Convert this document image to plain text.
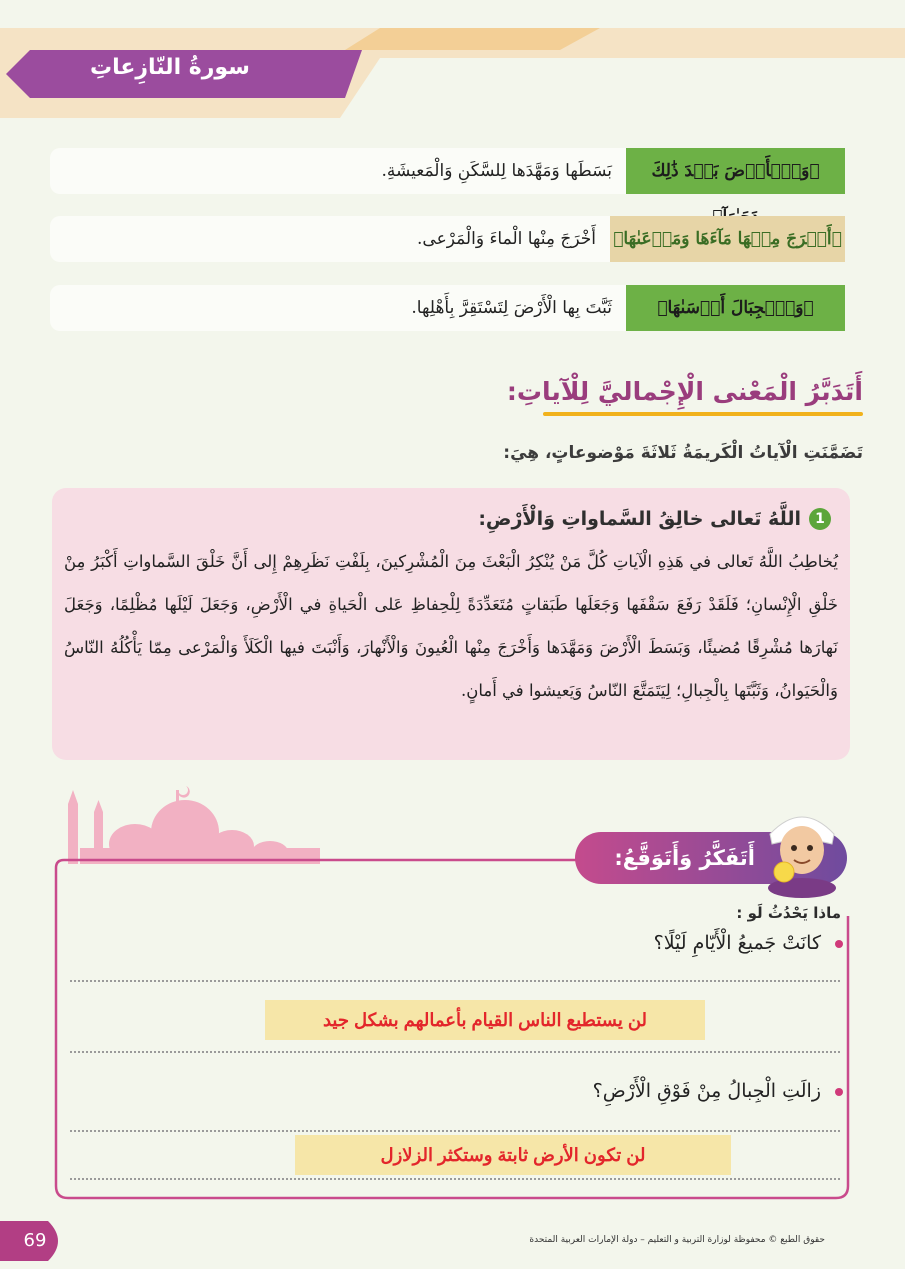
سورةُ النّازِعاتِ
بَسَطَها وَمَهَّدَها لِلسَّكَنِ وَالْمَعيشَةِ.	﴿وَٱلۡأَرۡضَ بَعۡدَ ذَٰلِكَ
أَخْرَجَ مِنْها الْماءَ وَالْمَرْعى.	﴿أَخۡرَجَ مِنۡهَا مَآءَهَا وَمَرۡعَىٰهَا﴾
ثَبَّتَ بِها الْأَرْضَ لِتَسْتَقِرَّ بِأَهْلِها.	﴿وَٱلۡجِبَالَ أَرۡسَىٰهَا﴾
أَتَدَبَّرُ الْمَعْنى الْإِجْماليَّ لِلْآياتِ:
تَضَمَّنَتِ الْآياتُ الْكَريمَةُ ثَلاثَةَ مَوْضوعاتٍ، هِيَ:
1
اللَّهُ تَعالى خالِقُ السَّماواتِ وَالْأَرْضِ:
يُخاطِبُ اللَّهُ تَعالى في هَذِهِ الْآياتِ كُلَّ مَنْ يُنْكِرُ الْبَعْثَ مِنَ الْمُشْرِكينَ، بِلَفْتِ نَظَرِهِمْ إِلى أَنَّ خَلْقَ السَّماواتِ أَكْبَرُ مِنْ خَلْقِ الْإِنْسانِ؛ فَلَقَدْ رَفَعَ سَقْفَها وَجَعَلَها طَبَقاتٍ مُتَعَدِّدَةً لِلْحِفاظِ عَلى الْحَياةِ في الْأَرْضِ، وَجَعَلَ لَيْلَها مُظْلِمًا، وَجَعَلَ نَهارَها مُشْرِقًا مُضيئًا، وَبَسَطَ الْأَرْضَ وَمَهَّدَها وَأَخْرَجَ مِنْها الْعُيونَ وَالْأَنْهارَ، وَأَنْبَتَ فيها الْكَلَأَ وَالْمَرْعى مِمّا يَأْكُلُهُ النّاسُ وَالْحَيَوانُ، وَثَبَّتَها بِالْجِبالِ؛ لِيَتَمَتَّعَ النّاسُ وَيَعيشوا في أَمانٍ.
أَتَفَكَّرُ وَأَتَوَقَّعُ:
ماذا يَحْدُثُ لَو :
كانَتْ جَميعُ الْأَيّامِ لَيْلًا؟
لن يستطيع الناس القيام بأعمالهم بشكل جيد
زالَتِ الْجِبالُ مِنْ فَوْقِ الْأَرْضِ؟
لن تكون الأرض ثابتة وستكثر الزلازل
69	حقوق الطبع © محفوظة لوزارة التربية و التعليم – دولة الإمارات العربية المتحدة
